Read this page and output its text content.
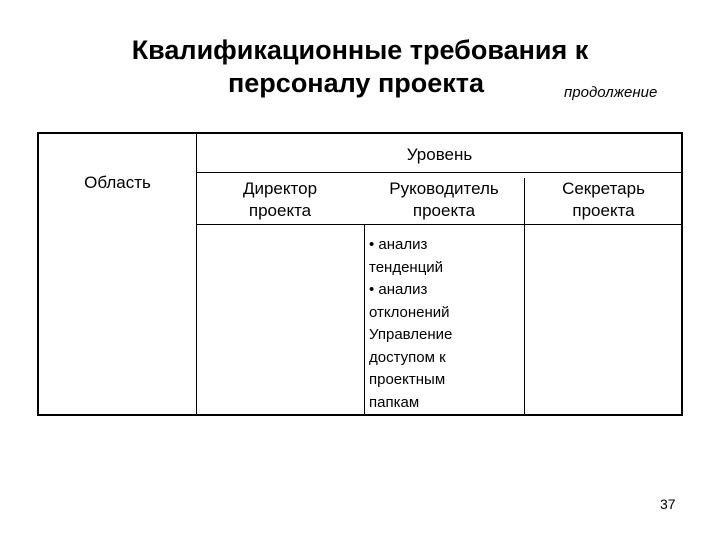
Квалификационные требования к
персоналу проекта	продолжение
Уровень
Область	Директор
проекта
Руководитель
проекта
Секретарь
проекта
• анализ
тенденций
• анализ
отклонений
Управление
доступом к
проектным
папкам
37
